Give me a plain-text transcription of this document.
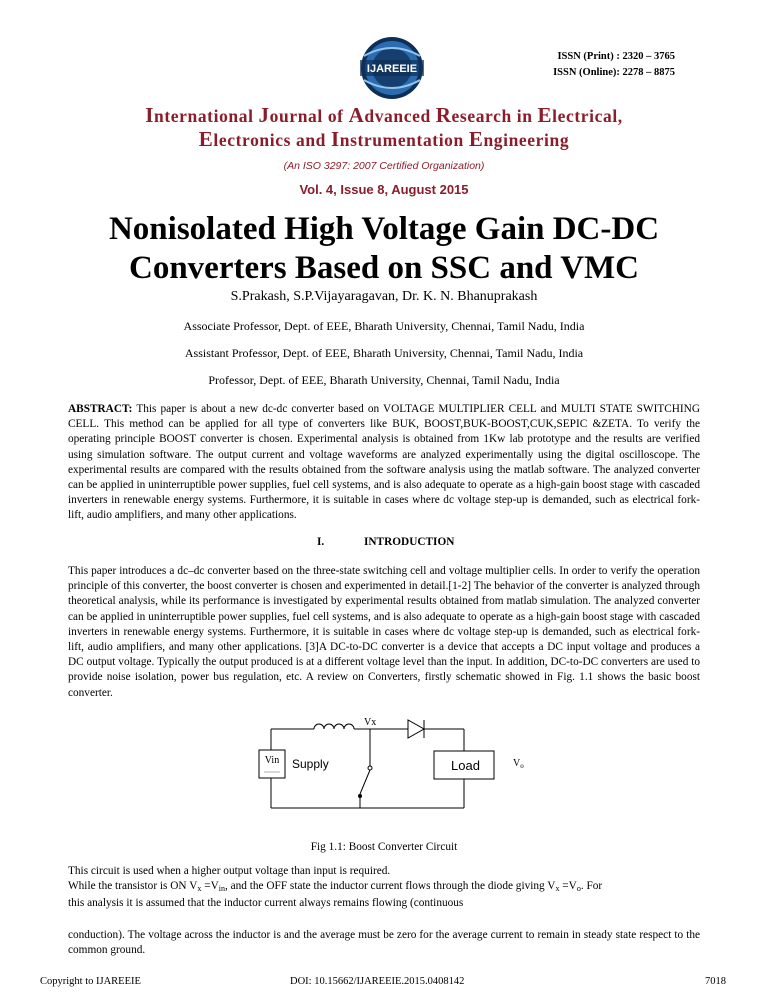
IJAREEIE
ISSN (Print) : 2320 – 3765
ISSN (Online): 2278 – 8875
International Journal of Advanced Research in Electrical,
Electronics and Instrumentation Engineering
(An ISO 3297: 2007 Certified Organization)
Vol. 4, Issue 8, August 2015
Nonisolated High Voltage Gain DC-DC
Converters Based on SSC and VMC
S.Prakash, S.P.Vijayaragavan, Dr. K. N. Bhanuprakash
Associate Professor, Dept. of EEE, Bharath University, Chennai, Tamil Nadu, India
Assistant Professor, Dept. of EEE, Bharath University, Chennai, Tamil Nadu, India
Professor, Dept. of EEE, Bharath University, Chennai, Tamil Nadu, India
ABSTRACT: This paper is about a new dc-dc converter based on VOLTAGE MULTIPLIER CELL and MULTI STATE SWITCHING CELL. This method can be applied for all type of converters like BUK, BOOST,BUK-BOOST,CUK,SEPIC &ZETA. To verify the operating principle BOOST converter is chosen. Experimental analysis is obtained from 1Kw lab prototype and the results are verified using simulation software. The output current and voltage waveforms are analyzed experimentally using the digital oscilloscope. The experimental results are compared with the results obtained from the software analysis using the matlab software. The analyzed converter can be applied in uninterruptible power supplies, fuel cell systems, and is also adequate to operate as a high-gain boost stage with cascaded inverters in renewable energy systems. Furthermore, it is suitable in cases where dc voltage step-up is demanded, such as electrical fork-lift, audio amplifiers, and many other applications.
I.	INTRODUCTION
This paper introduces a dc–dc converter based on the three-state switching cell and voltage multiplier cells. In order to verify the operation principle of this converter, the boost converter is chosen and experimented in detail.[1-2] The behavior of the converter is analyzed through theoretical analysis, while its performance is investigated by experimental results obtained from matlab simulation. The analyzed converter can be applied in uninterruptible power supplies, fuel cell systems, and is also adequate to operate as a high-gain boost stage with cascaded inverters in renewable energy systems. Furthermore, it is suitable in cases where dc voltage step-up is demanded, such as electrical fork-lift, audio amplifiers, and many other applications. [3]A DC-to-DC converter is a device that accepts a DC input voltage and produces a DC output voltage. Typically the output produced is at a different voltage level than the input. In addition, DC-to-DC converters are used to provide noise isolation, power bus regulation, etc. A review on Converters, firstly schematic showed in Fig. 1.1 shows the basic boost converter.
Vin Supply
Vx
Load	$V_o$
Fig 1.1: Boost Converter Circuit
This circuit is used when a higher output voltage than input is required.
While the transistor is ON $V_x =V_{in}$, and the OFF state the inductor current flows through the diode giving $V_x =V_o$. For
this analysis it is assumed that the inductor current always remains flowing (continuous
conduction). The voltage across the inductor is and the average must be zero for the average current to remain in steady state respect to the common ground.
Copyright to IJAREEIE	DOI: 10.15662/IJAREEIE.2015.0408142	7018
